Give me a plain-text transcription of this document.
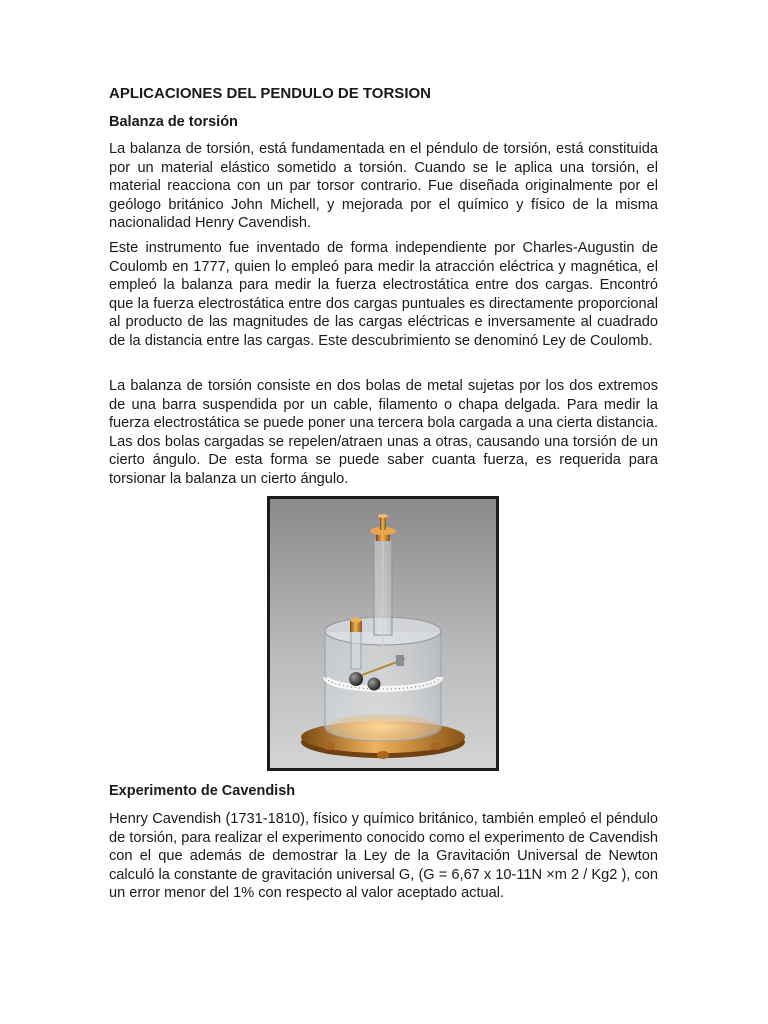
APLICACIONES DEL PENDULO DE TORSION
Balanza de torsión

La balanza de torsión, está fundamentada en el péndulo de torsión, está constituida por un material elástico sometido a torsión. Cuando se le aplica una torsión, el material reacciona con un par torsor contrario. Fue diseñada originalmente por el geólogo británico John Michell, y mejorada por el químico y físico de la misma nacionalidad Henry Cavendish.

Este instrumento fue inventado de forma independiente por Charles-Augustin de Coulomb en 1777, quien lo empleó para medir la atracción eléctrica y magnética, el empleó la balanza para medir la fuerza electrostática entre dos cargas. Encontró que la fuerza electrostática entre dos cargas puntuales es directamente proporcional al producto de las magnitudes de las cargas eléctricas e inversamente al cuadrado de la distancia entre las cargas. Este descubrimiento se denominó Ley de Coulomb.

La balanza de torsión consiste en dos bolas de metal sujetas por los dos extremos de una barra suspendida por un cable, filamento o chapa delgada. Para medir la fuerza electrostática se puede poner una tercera bola cargada a una cierta distancia. Las dos bolas cargadas se repelen/atraen unas a otras, causando una torsión de un cierto ángulo. De esta forma se puede saber cuanta fuerza, es requerida para torsionar la balanza un cierto ángulo.

Experimento de Cavendish

Henry Cavendish (1731-1810), físico y químico británico, también empleó el péndulo de torsión, para realizar el experimento conocido como el experimento de Cavendish con el que además de demostrar la Ley de la Gravitación Universal de Newton calculó la constante de gravitación universal G, (G = 6,67 x 10-11N ×m 2 / Kg2 ), con un error menor del 1% con respecto al valor aceptado actual.
